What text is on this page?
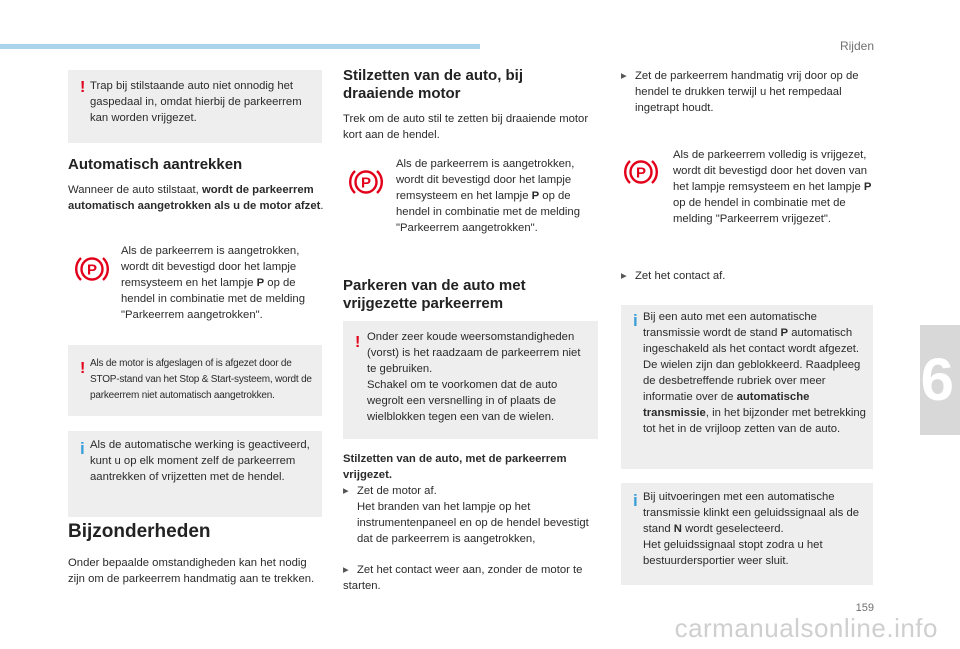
Rijden
6
159
carmanualsonline.info
! Trap bij stilstaande auto niet onnodig het gaspedaal in, omdat hierbij de parkeerrem kan worden vrijgezet.
Automatisch aantrekken
Wanneer de auto stilstaat, wordt de parkeerrem automatisch aangetrokken als u de motor afzet.
Als de parkeerrem is aangetrokken, wordt dit bevestigd door het lampje remsysteem en het lampje P op de hendel in combinatie met de melding "Parkeerrem aangetrokken".
! Als de motor is afgeslagen of is afgezet door de STOP-stand van het Stop & Start-systeem, wordt de parkeerrem niet automatisch aangetrokken.
i Als de automatische werking is geactiveerd, kunt u op elk moment zelf de parkeerrem aantrekken of vrijzetten met de hendel.
Bijzonderheden
Onder bepaalde omstandigheden kan het nodig zijn om de parkeerrem handmatig aan te trekken.
Stilzetten van de auto, bij draaiende motor
Trek om de auto stil te zetten bij draaiende motor kort aan de hendel.
Als de parkeerrem is aangetrokken, wordt dit bevestigd door het lampje remsysteem en het lampje P op de hendel in combinatie met de melding "Parkeerrem aangetrokken".
Parkeren van de auto met vrijgezette parkeerrem
! Onder zeer koude weersomstandigheden (vorst) is het raadzaam de parkeerrem niet te gebruiken.
Schakel om te voorkomen dat de auto wegrolt een versnelling in of plaats de wielblokken tegen een van de wielen.
Stilzetten van de auto, met de parkeerrem vrijgezet.
▸ Zet de motor af.
Het branden van het lampje op het instrumentenpaneel en op de hendel bevestigt dat de parkeerrem is aangetrokken,
▸ Zet het contact weer aan, zonder de motor te starten.
▸ Zet de parkeerrem handmatig vrij door op de hendel te drukken terwijl u het rempedaal ingetrapt houdt.
Als de parkeerrem volledig is vrijgezet, wordt dit bevestigd door het doven van het lampje remsysteem en het lampje P op de hendel in combinatie met de melding "Parkeerrem vrijgezet".
▸ Zet het contact af.
i Bij een auto met een automatische transmissie wordt de stand P automatisch ingeschakeld als het contact wordt afgezet. De wielen zijn dan geblokkeerd. Raadpleeg de desbetreffende rubriek over meer informatie over de automatische transmissie, in het bijzonder met betrekking tot het in de vrijloop zetten van de auto.
i Bij uitvoeringen met een automatische transmissie klinkt een geluidssignaal als de stand N wordt geselecteerd.
Het geluidssignaal stopt zodra u het bestuurdersportier weer sluit.
